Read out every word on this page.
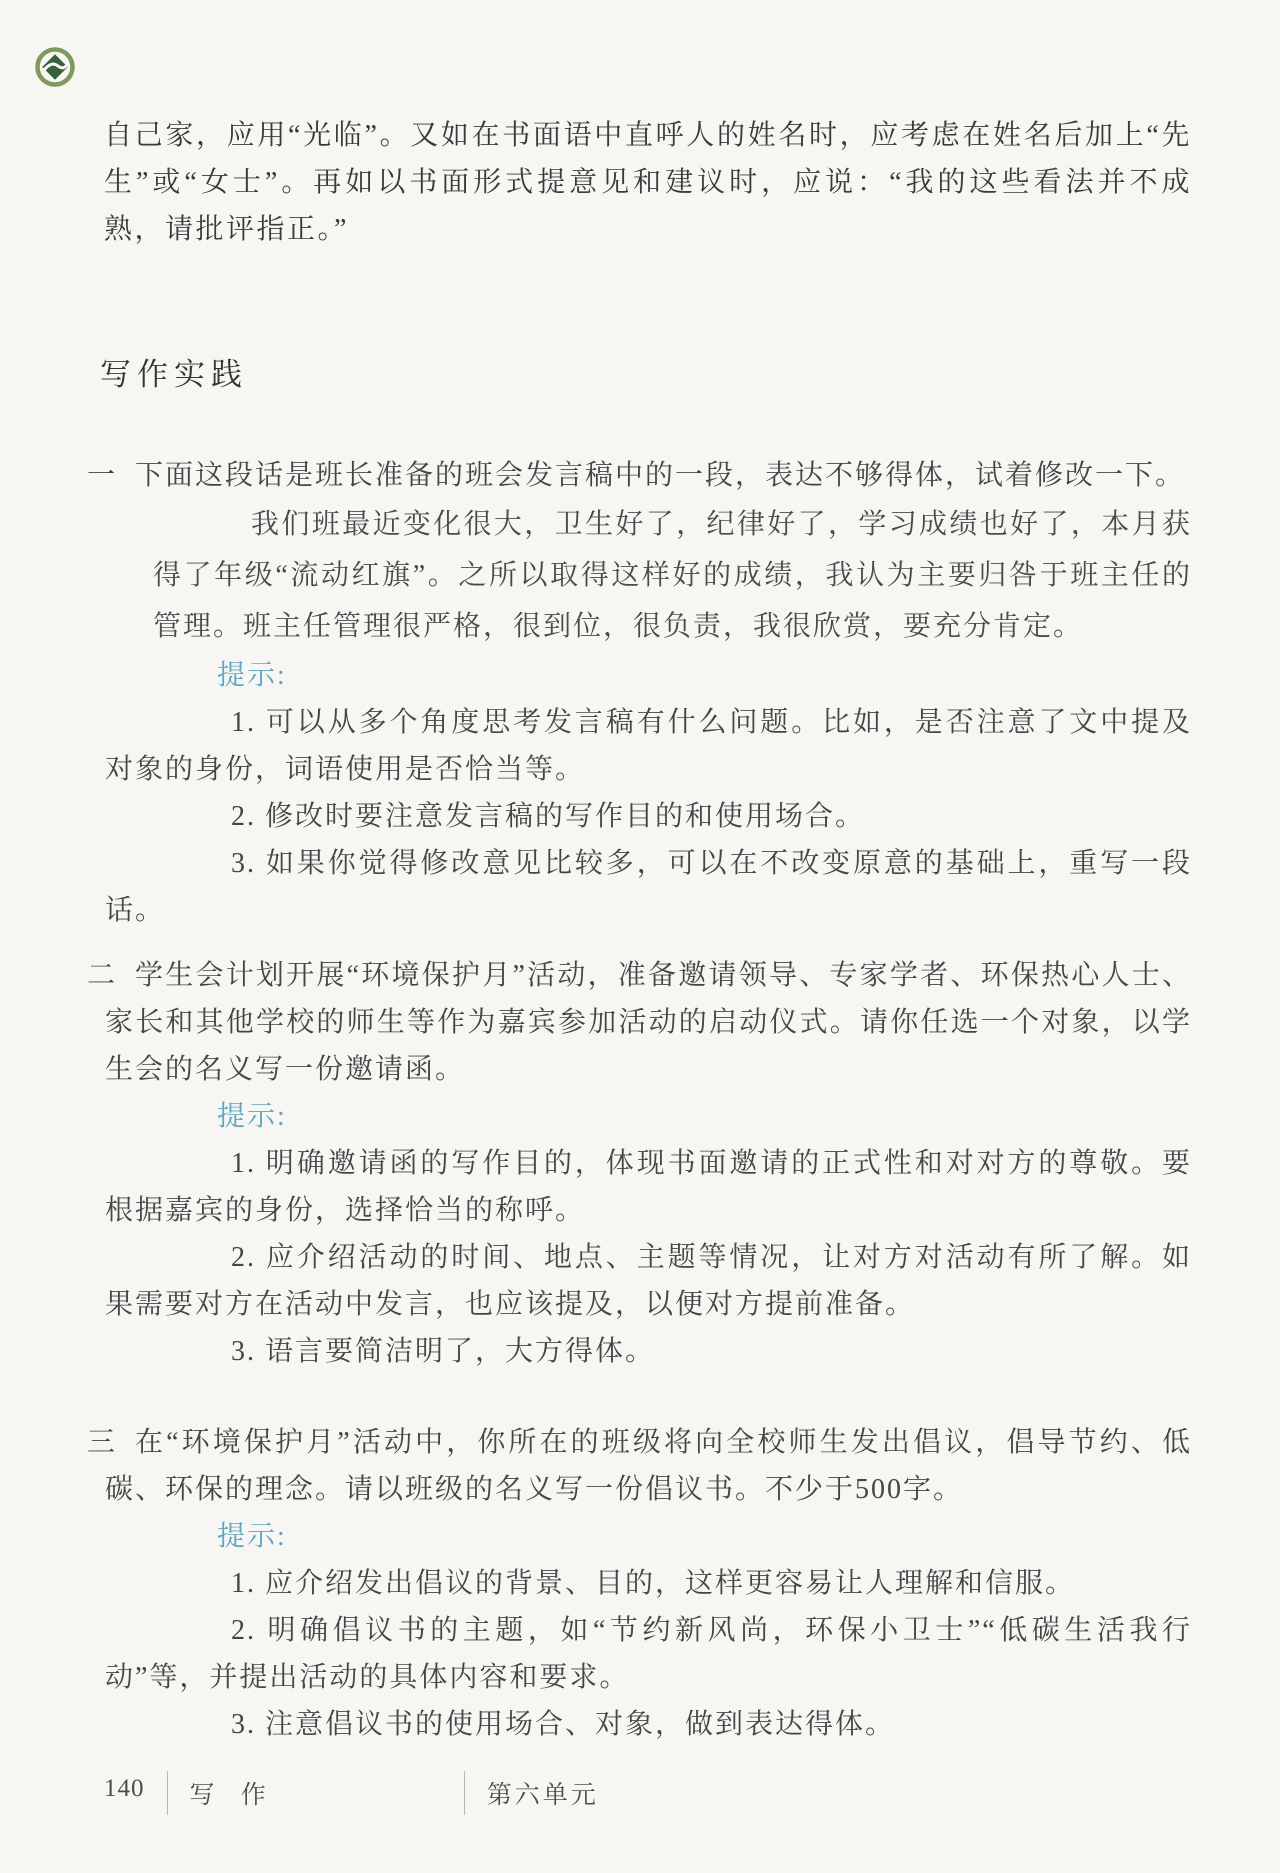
自己家，应用“光临”。又如在书面语中直呼人的姓名时，应考虑在姓名后加上“先生”或“女士”。再如以书面形式提意见和建议时，应说：“我的这些看法并不成熟，请批评指正。”

写作实践
一 下面这段话是班长准备的班会发言稿中的一段，表达不够得体，试着修改一下。

我们班最近变化很大，卫生好了，纪律好了，学习成绩也好了，本月获得了年级“流动红旗”。之所以取得这样好的成绩，我认为主要归咎于班主任的管理。班主任管理很严格，很到位，很负责，我很欣赏，要充分肯定。

提示:

1. 可以从多个角度思考发言稿有什么问题。比如，是否注意了文中提及对象的身份，词语使用是否恰当等。

2. 修改时要注意发言稿的写作目的和使用场合。

3. 如果你觉得修改意见比较多，可以在不改变原意的基础上，重写一段话。

二 学生会计划开展“环境保护月”活动，准备邀请领导、专家学者、环保热心人士、家长和其他学校的师生等作为嘉宾参加活动的启动仪式。请你任选一个对象，以学生会的名义写一份邀请函。

提示:

1. 明确邀请函的写作目的，体现书面邀请的正式性和对对方的尊敬。要根据嘉宾的身份，选择恰当的称呼。

2. 应介绍活动的时间、地点、主题等情况，让对方对活动有所了解。如果需要对方在活动中发言，也应该提及，以便对方提前准备。

3. 语言要简洁明了，大方得体。

三 在“环境保护月”活动中，你所在的班级将向全校师生发出倡议，倡导节约、低碳、环保的理念。请以班级的名义写一份倡议书。不少于500字。

提示:

1. 应介绍发出倡议的背景、目的，这样更容易让人理解和信服。

2. 明确倡议书的主题，如“节约新风尚，环保小卫士”“低碳生活我行动”等，并提出活动的具体内容和要求。

3. 注意倡议书的使用场合、对象，做到表达得体。

140 写 作	第六单元
